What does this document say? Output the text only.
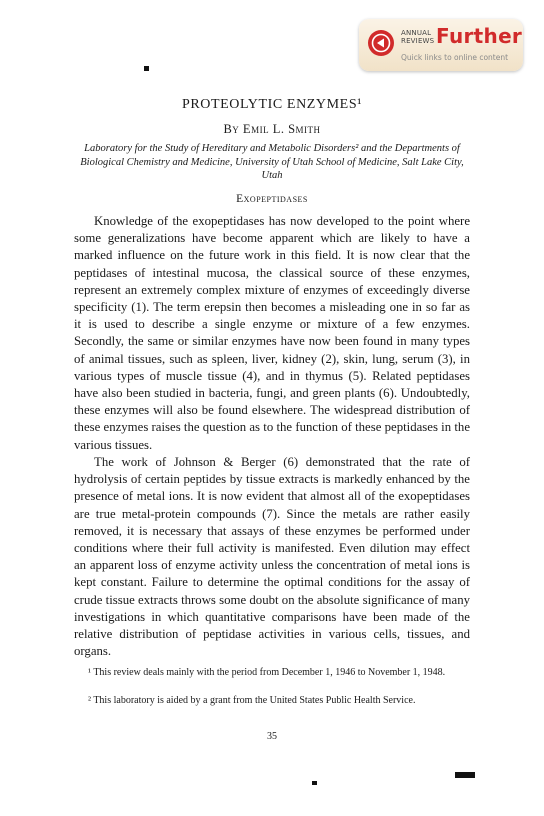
ANNUAL
REVIEWS Further
Quick links to online content
PROTEOLYTIC ENZYMES¹
By Emil L. Smith
Laboratory for the Study of Hereditary and Metabolic Disorders² and the Departments of Biological Chemistry and Medicine, University of Utah School of Medicine, Salt Lake City, Utah
Exopeptidases

Knowledge of the exopeptidases has now developed to the point where some generalizations have become apparent which are likely to have a marked influence on the future work in this field. It is now clear that the peptidases of intestinal mucosa, the classical source of these enzymes, represent an extremely complex mixture of enzymes of exceedingly diverse specificity (1). The term erepsin then becomes a misleading one in so far as it is used to describe a single enzyme or mixture of a few enzymes. Secondly, the same or similar enzymes have now been found in many types of animal tissues, such as spleen, liver, kidney (2), skin, lung, serum (3), in various types of muscle tissue (4), and in thymus (5). Related peptidases have also been studied in bacteria, fungi, and green plants (6). Undoubtedly, these enzymes will also be found elsewhere. The widespread distribution of these enzymes raises the question as to the function of these peptidases in the various tissues.

The work of Johnson & Berger (6) demonstrated that the rate of hydrolysis of certain peptides by tissue extracts is markedly enhanced by the presence of metal ions. It is now evident that almost all of the exopeptidases are true metal-protein compounds (7). Since the metals are rather easily removed, it is necessary that assays of these enzymes be performed under conditions where their full activity is manifested. Even dilution may effect an apparent loss of enzyme activity unless the concentration of metal ions is kept constant. Failure to determine the optimal conditions for the assay of crude tissue extracts throws some doubt on the absolute significance of many investigations in which quantitative comparisons have been made of the relative distribution of peptidase activities in various cells, tissues, and organs.

¹ This review deals mainly with the period from December 1, 1946 to November 1, 1948.

² This laboratory is aided by a grant from the United States Public Health Service.

35
